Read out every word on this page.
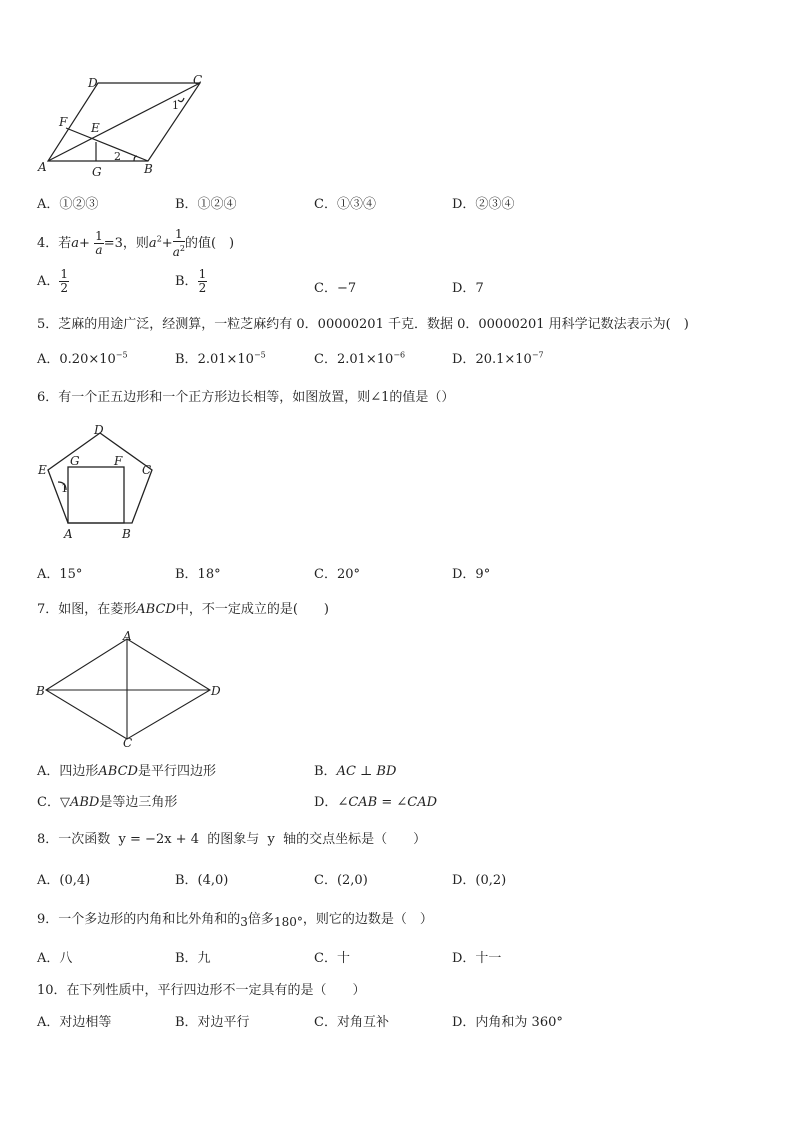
D	C
F E
A	G	B
1
2
A．①②③	B．①②④	C．①③④	D．②③④
4．若$a+ \frac{1}{a} =3$，则$a^2+ \frac{1}{a^2}$ 的值(　)
A． $\frac{1}{2}$	B． $\frac{1}{2}$	C．−7	D．7
5．芝麻的用途广泛，经测算，一粒芝麻约有 0．00000201 千克．数据 0．00000201 用科学记数法表示为(　)
A．$0.20\times 10^{-5}$	B．$2.01\times 10^{-5}$	C．$2.01\times 10^{-6}$	D．$20.1\times 10^{-7}$
6．有一个正五边形和一个正方形边长相等，如图放置，则∠1的值是（）
D
E
G	F
C
A	B
1
A．15°	B．18°	C．20°	D．9°
7．如图，在菱形ABCD中，不一定成立的是(　　)
A
B
C
D
A．四边形ABCD是平行四边形	B．AC ⊥ BD
C．▽ABD是等边三角形	D．∠CAB = ∠CAD
8．一次函数 y = −2x + 4 的图象与 y 轴的交点坐标是（　　）
A．(0,4)	B．(4,0)	C．(2,0)	D．(0,2)
9．一个多边形的内角和比外角和的3倍多180°，则它的边数是（　）
A．八	B．九	C．十	D．十一
10．在下列性质中，平行四边形不一定具有的是（　　）
A．对边相等	B．对边平行	C．对角互补	D．内角和为 360°
